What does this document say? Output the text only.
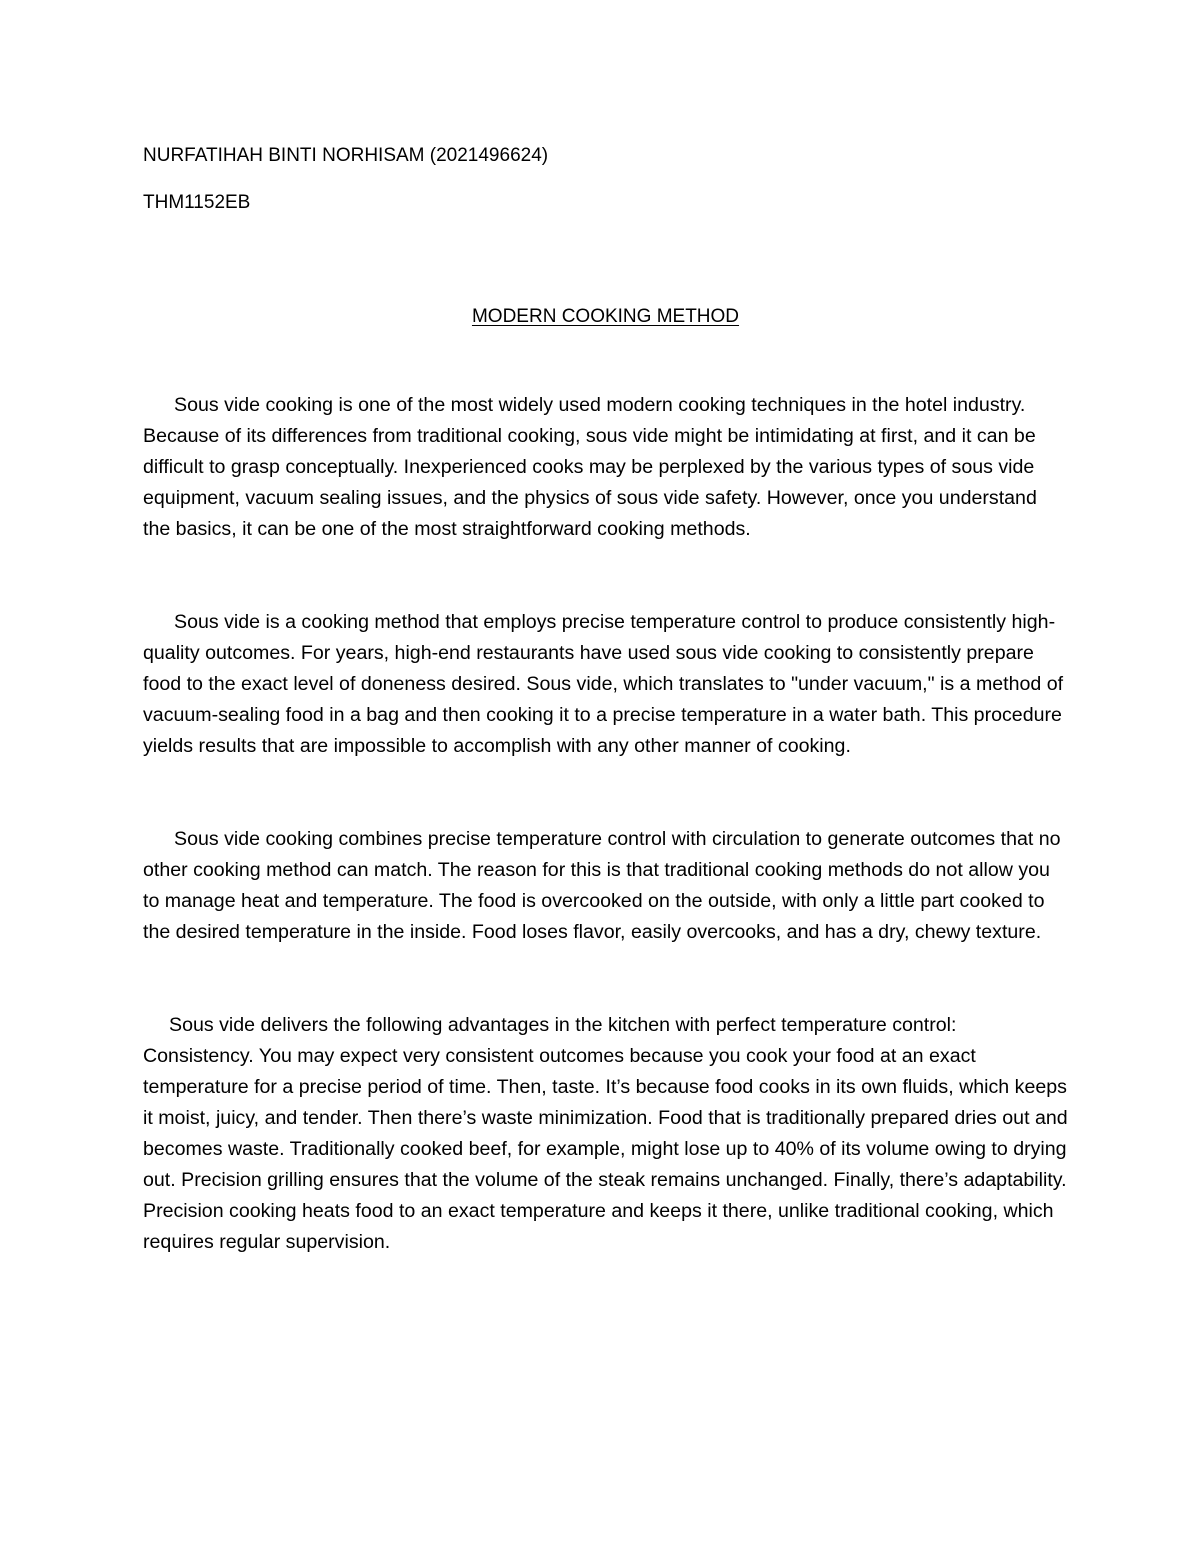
NURFATIHAH BINTI NORHISAM (2021496624)

THM1152EB

MODERN COOKING METHOD

Sous vide cooking is one of the most widely used modern cooking techniques in the hotel industry. Because of its differences from traditional cooking, sous vide might be intimidating at first, and it can be difficult to grasp conceptually. Inexperienced cooks may be perplexed by the various types of sous vide equipment, vacuum sealing issues, and the physics of sous vide safety. However, once you understand the basics, it can be one of the most straightforward cooking methods.

Sous vide is a cooking method that employs precise temperature control to produce consistently high-quality outcomes. For years, high-end restaurants have used sous vide cooking to consistently prepare food to the exact level of doneness desired. Sous vide, which translates to "under vacuum," is a method of vacuum-sealing food in a bag and then cooking it to a precise temperature in a water bath. This procedure yields results that are impossible to accomplish with any other manner of cooking.

Sous vide cooking combines precise temperature control with circulation to generate outcomes that no other cooking method can match. The reason for this is that traditional cooking methods do not allow you to manage heat and temperature. The food is overcooked on the outside, with only a little part cooked to the desired temperature in the inside. Food loses flavor, easily overcooks, and has a dry, chewy texture.

Sous vide delivers the following advantages in the kitchen with perfect temperature control: Consistency. You may expect very consistent outcomes because you cook your food at an exact temperature for a precise period of time. Then, taste. It’s because food cooks in its own fluids, which keeps it moist, juicy, and tender. Then there’s waste minimization. Food that is traditionally prepared dries out and becomes waste. Traditionally cooked beef, for example, might lose up to 40% of its volume owing to drying out. Precision grilling ensures that the volume of the steak remains unchanged. Finally, there’s adaptability. Precision cooking heats food to an exact temperature and keeps it there, unlike traditional cooking, which requires regular supervision.
